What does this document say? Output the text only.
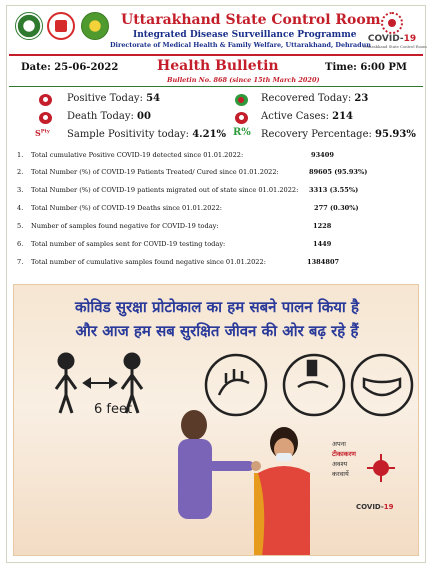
Uttarakhand State Control Room
Integrated Disease Surveillance Programme
Directorate of Medical Health & Family Welfare, Uttarakhand, Dehradun
COVID-19
Uttarakhand State Control Room
Date: 25-06-2022	Health Bulletin
Bulletin No. 868 (since 15th March 2020)
Time: 6:00 PM
Positive Today: 54	Recovered Today: 23
Death Today: 00	Active Cases: 214
$S^{Pty}$ Sample Positivity today: 4.21% R% Recovery Percentage: 95.93%
1. Total cumulative Positive COVID-19 detected since 01.01.2022:	93409
2. Total Number (%) of COVID-19 Patients Treated/ Cured since 01.01.2022:	89605 (95.93%)
3. Total Number (%) of COVID-19 patients migrated out of state since 01.01.2022: 3313 (3.55%)
4. Total Number (%) of COVID-19 Deaths since 01.01.2022:	277 (0.30%)
5. Number of samples found negative for COVID-19 today:	1228
6. Total number of samples sent for COVID-19 testing today:	1449
7. Total number of cumulative samples found negative since 01.01.2022:	1384807
कोविड सुरक्षा प्रोटोकाल का हम सबने पालन किया है
और आज हम सब सुरक्षित जीवन की ओर बढ़ रहे हैं
6 feet
अपना
टीकाकरण
अवश्य
करवायें
COVID-19
